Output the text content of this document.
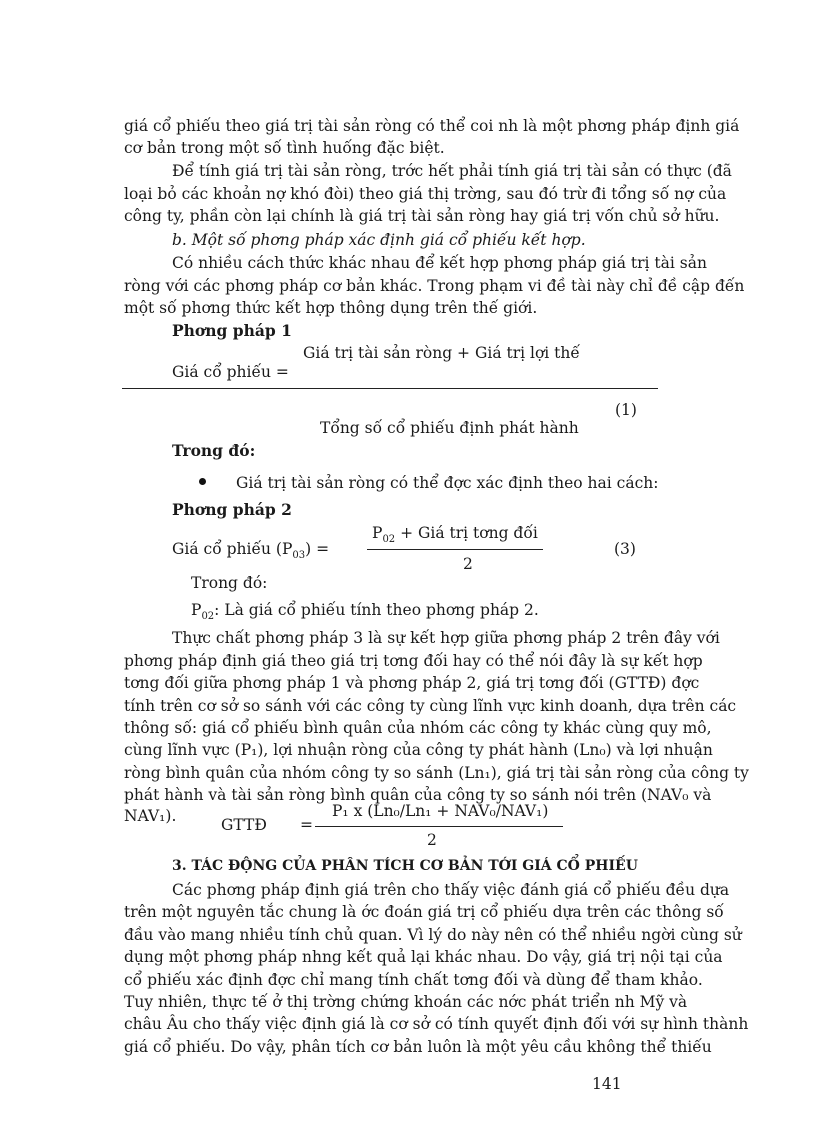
giá cổ phiếu theo giá trị tài sản ròng có thể coi nh là một phơng pháp định giá
cơ bản trong một số tình huống đặc biệt.
Để tính giá trị tài sản ròng, trớc hết phải tính giá trị tài sản có thực (đã
loại bỏ các khoản nợ khó đòi) theo giá thị trờng, sau đó trừ đi tổng số nợ của
công ty, phần còn lại chính là giá trị tài sản ròng hay giá trị vốn chủ sở hữu.
b. Một số phơng pháp xác định giá cổ phiếu kết hợp.
Có nhiều cách thức khác nhau để kết hợp phơng pháp giá trị tài sản
ròng với các phơng pháp cơ bản khác. Trong phạm vi đề tài này chỉ đề cập đến
một số phơng thức kết hợp thông dụng trên thế giới.
Phơng pháp 1
Giá trị tài sản ròng + Giá trị lợi thế
Giá cổ phiếu =
(1)
Tổng số cổ phiếu định phát hành
Trong đó:
Giá trị tài sản ròng có thể đợc xác định theo hai cách:
Phơng pháp 2
$P_{02}$ + Giá trị tơng đối
Giá cổ phiếu $(P_{03})$ =	(3)
2
Trong đó:
$P_{02}$: Là giá cổ phiếu tính theo phơng pháp 2.
Thực chất phơng pháp 3 là sự kết hợp giữa phơng pháp 2 trên đây với
phơng pháp định giá theo giá trị tơng đối hay có thể nói đây là sự kết hợp
tơng đối giữa phơng pháp 1 và phơng pháp 2, giá trị tơng đối (GTTĐ) đợc
tính trên cơ sở so sánh với các công ty cùng lĩnh vực kinh doanh, dựa trên các
thông số: giá cổ phiếu bình quân của nhóm các công ty khác cùng quy mô,
cùng lĩnh vực (P₁), lợi nhuận ròng của công ty phát hành (Ln₀) và lợi nhuận
ròng bình quân của nhóm công ty so sánh (Ln₁), giá trị tài sản ròng của công ty
phát hành và tài sản ròng bình quân của công ty so sánh nói trên (NAV₀ và
NAV₁).	P₁ x (Ln₀/Ln₁ + NAV₀/NAV₁)
GTTĐ =
2
3. TÁC ĐỘNG CỦA PHÂN TÍCH CƠ BẢN TỚI GIÁ CỔ PHIẾU
Các phơng pháp định giá trên cho thấy việc đánh giá cổ phiếu đều dựa
trên một nguyên tắc chung là ớc đoán giá trị cổ phiếu dựa trên các thông số
đầu vào mang nhiều tính chủ quan. Vì lý do này nên có thể nhiều ngời cùng sử
dụng một phơng pháp nhng kết quả lại khác nhau. Do vậy, giá trị nội tại của
cổ phiếu xác định đợc chỉ mang tính chất tơng đối và dùng để tham khảo.
Tuy nhiên, thực tế ở thị trờng chứng khoán các nớc phát triển nh Mỹ và
châu Âu cho thấy việc định giá là cơ sở có tính quyết định đối với sự hình thành
giá cổ phiếu. Do vậy, phân tích cơ bản luôn là một yêu cầu không thể thiếu
141
